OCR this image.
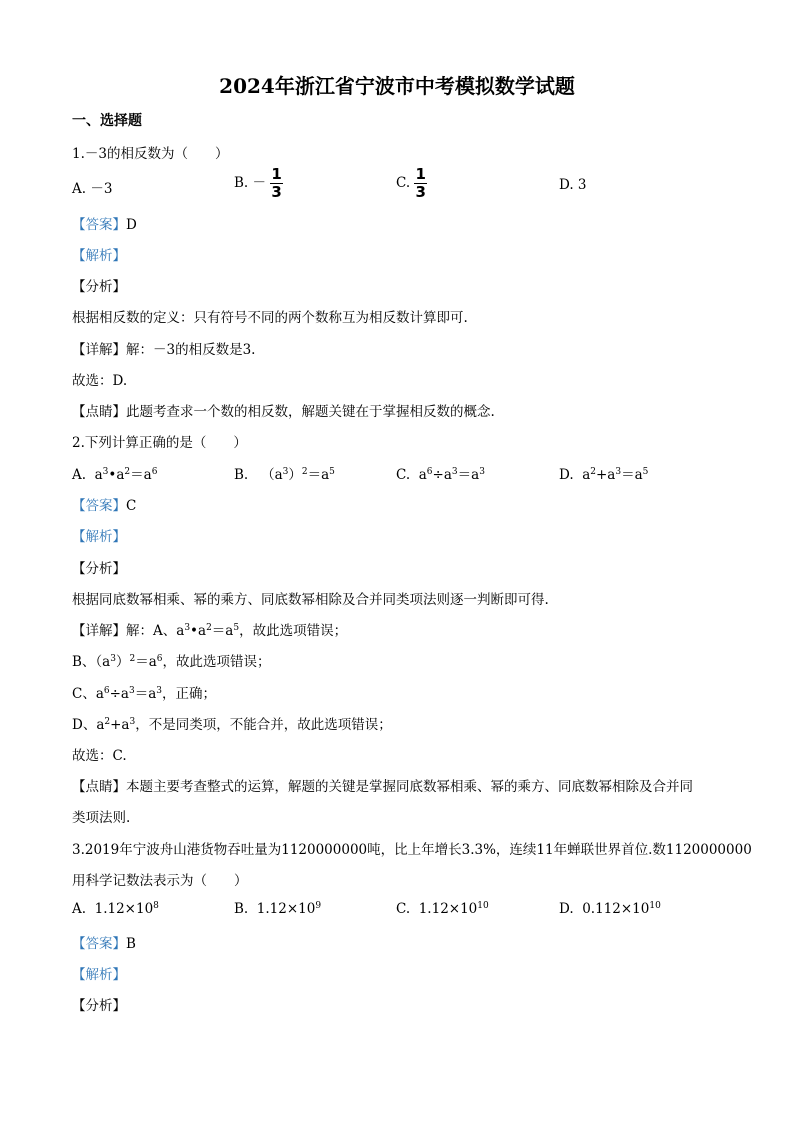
2024年浙江省宁波市中考模拟数学试题
一、选择题
1.－3的相反数为（　　）
A. －3	B. － $\frac{1}{3}$	C. $\frac{1}{3}$	D. 3
【答案】D
【解析】
【分析】
根据相反数的定义：只有符号不同的两个数称互为相反数计算即可.
【详解】解：－3的相反数是3.
故选：D.
【点睛】此题考查求一个数的相反数，解题关键在于掌握相反数的概念.
2.下列计算正确的是（　　）
A.  $a^3•a^2=a^6$	B.   $(a^3)^2=a^5$	C.  $a^6\div a^3=a^3$	D.  $a^2+a^3=a^5$
【答案】C
【解析】
【分析】
根据同底数幂相乘、幂的乘方、同底数幂相除及合并同类项法则逐一判断即可得.
【详解】解：A、$a^3•a^2=a^5$，故此选项错误；
B、$(a^3)^2=a^6$，故此选项错误；
C、$a^6\div a^3=a^3$，正确；
D、$a^2+a^3$，不是同类项，不能合并，故此选项错误；
故选：C.
【点睛】本题主要考查整式的运算，解题的关键是掌握同底数幂相乘、幂的乘方、同底数幂相除及合并同
类项法则.
3.2019年宁波舟山港货物吞吐量为1120000000吨，比上年增长3.3%，连续11年蝉联世界首位.数1120000000
用科学记数法表示为（　　）
A.  $1.12\times 10^8$	B.  $1.12\times 10^9$	C.  $1.12\times 10^{10}$	D.  $0.112\times 10^{10}$
【答案】B
【解析】
【分析】
